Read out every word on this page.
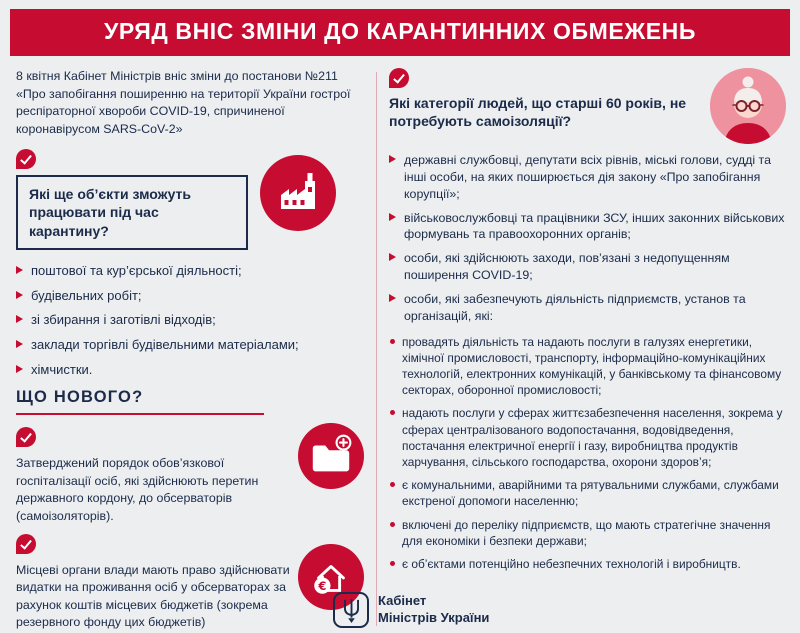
УРЯД ВНІС ЗМІНИ ДО КАРАНТИННИХ ОБМЕЖЕНЬ

8 квітня Кабінет Міністрів вніс зміни до постанови №211 «Про запобігання поширенню на території України гострої респіраторної хвороби COVID-19, спричиненої коронавірусом SARS-CoV-2»

Які ще об’єкти зможуть працювати під час карантину?
поштової та кур’єрської діяльності;
будівельних робіт;
зі збирання і заготівлі відходів;
заклади торгівлі будівельними матеріалами;
хімчистки.
ЩО НОВОГО?

Затверджений порядок обов’язкової госпіталізації осіб, які здійснюють перетин державного кордону, до обсерваторів (самоізоляторів).

Місцеві органи влади мають право здійснювати видатки на проживання осіб у обсерваторах за рахунок коштів місцевих бюджетів (зокрема резервного фонду цих бюджетів)

€
Які категорії людей, що старші 60 років, не потребують самоізоляції?
державні службовці, депутати всіх рівнів, міські голови, судді та інші особи, на яких поширюється дія закону «Про запобігання корупції»;
військовослужбовці та працівники ЗСУ, інших законних військових формувань та правоохоронних органів;
особи, які здійснюють заходи, пов’язані з недопущенням поширення COVID-19;
особи, які забезпечують діяльність підприємств, установ та організацій, які:
провадять діяльність та надають послуги в галузях енергетики, хімічної промисловості, транспорту, інформаційно-комунікаційних технологій, електронних комунікацій, у банківському та фінансовому секторах, оборонної промисловості;
надають послуги у сферах життєзабезпечення населення, зокрема у сферах централізованого водопостачання, водовідведення, постачання електричної енергії і газу, виробництва продуктів харчування, сільського господарства, охорони здоров’я;
є комунальними, аварійними та рятувальними службами, службами екстреної допомоги населенню;
включені до переліку підприємств, що мають стратегічне значення для економіки і безпеки держави;
є об’єктами потенційно небезпечних технологій і виробництв.
Кабінет
Міністрів України
